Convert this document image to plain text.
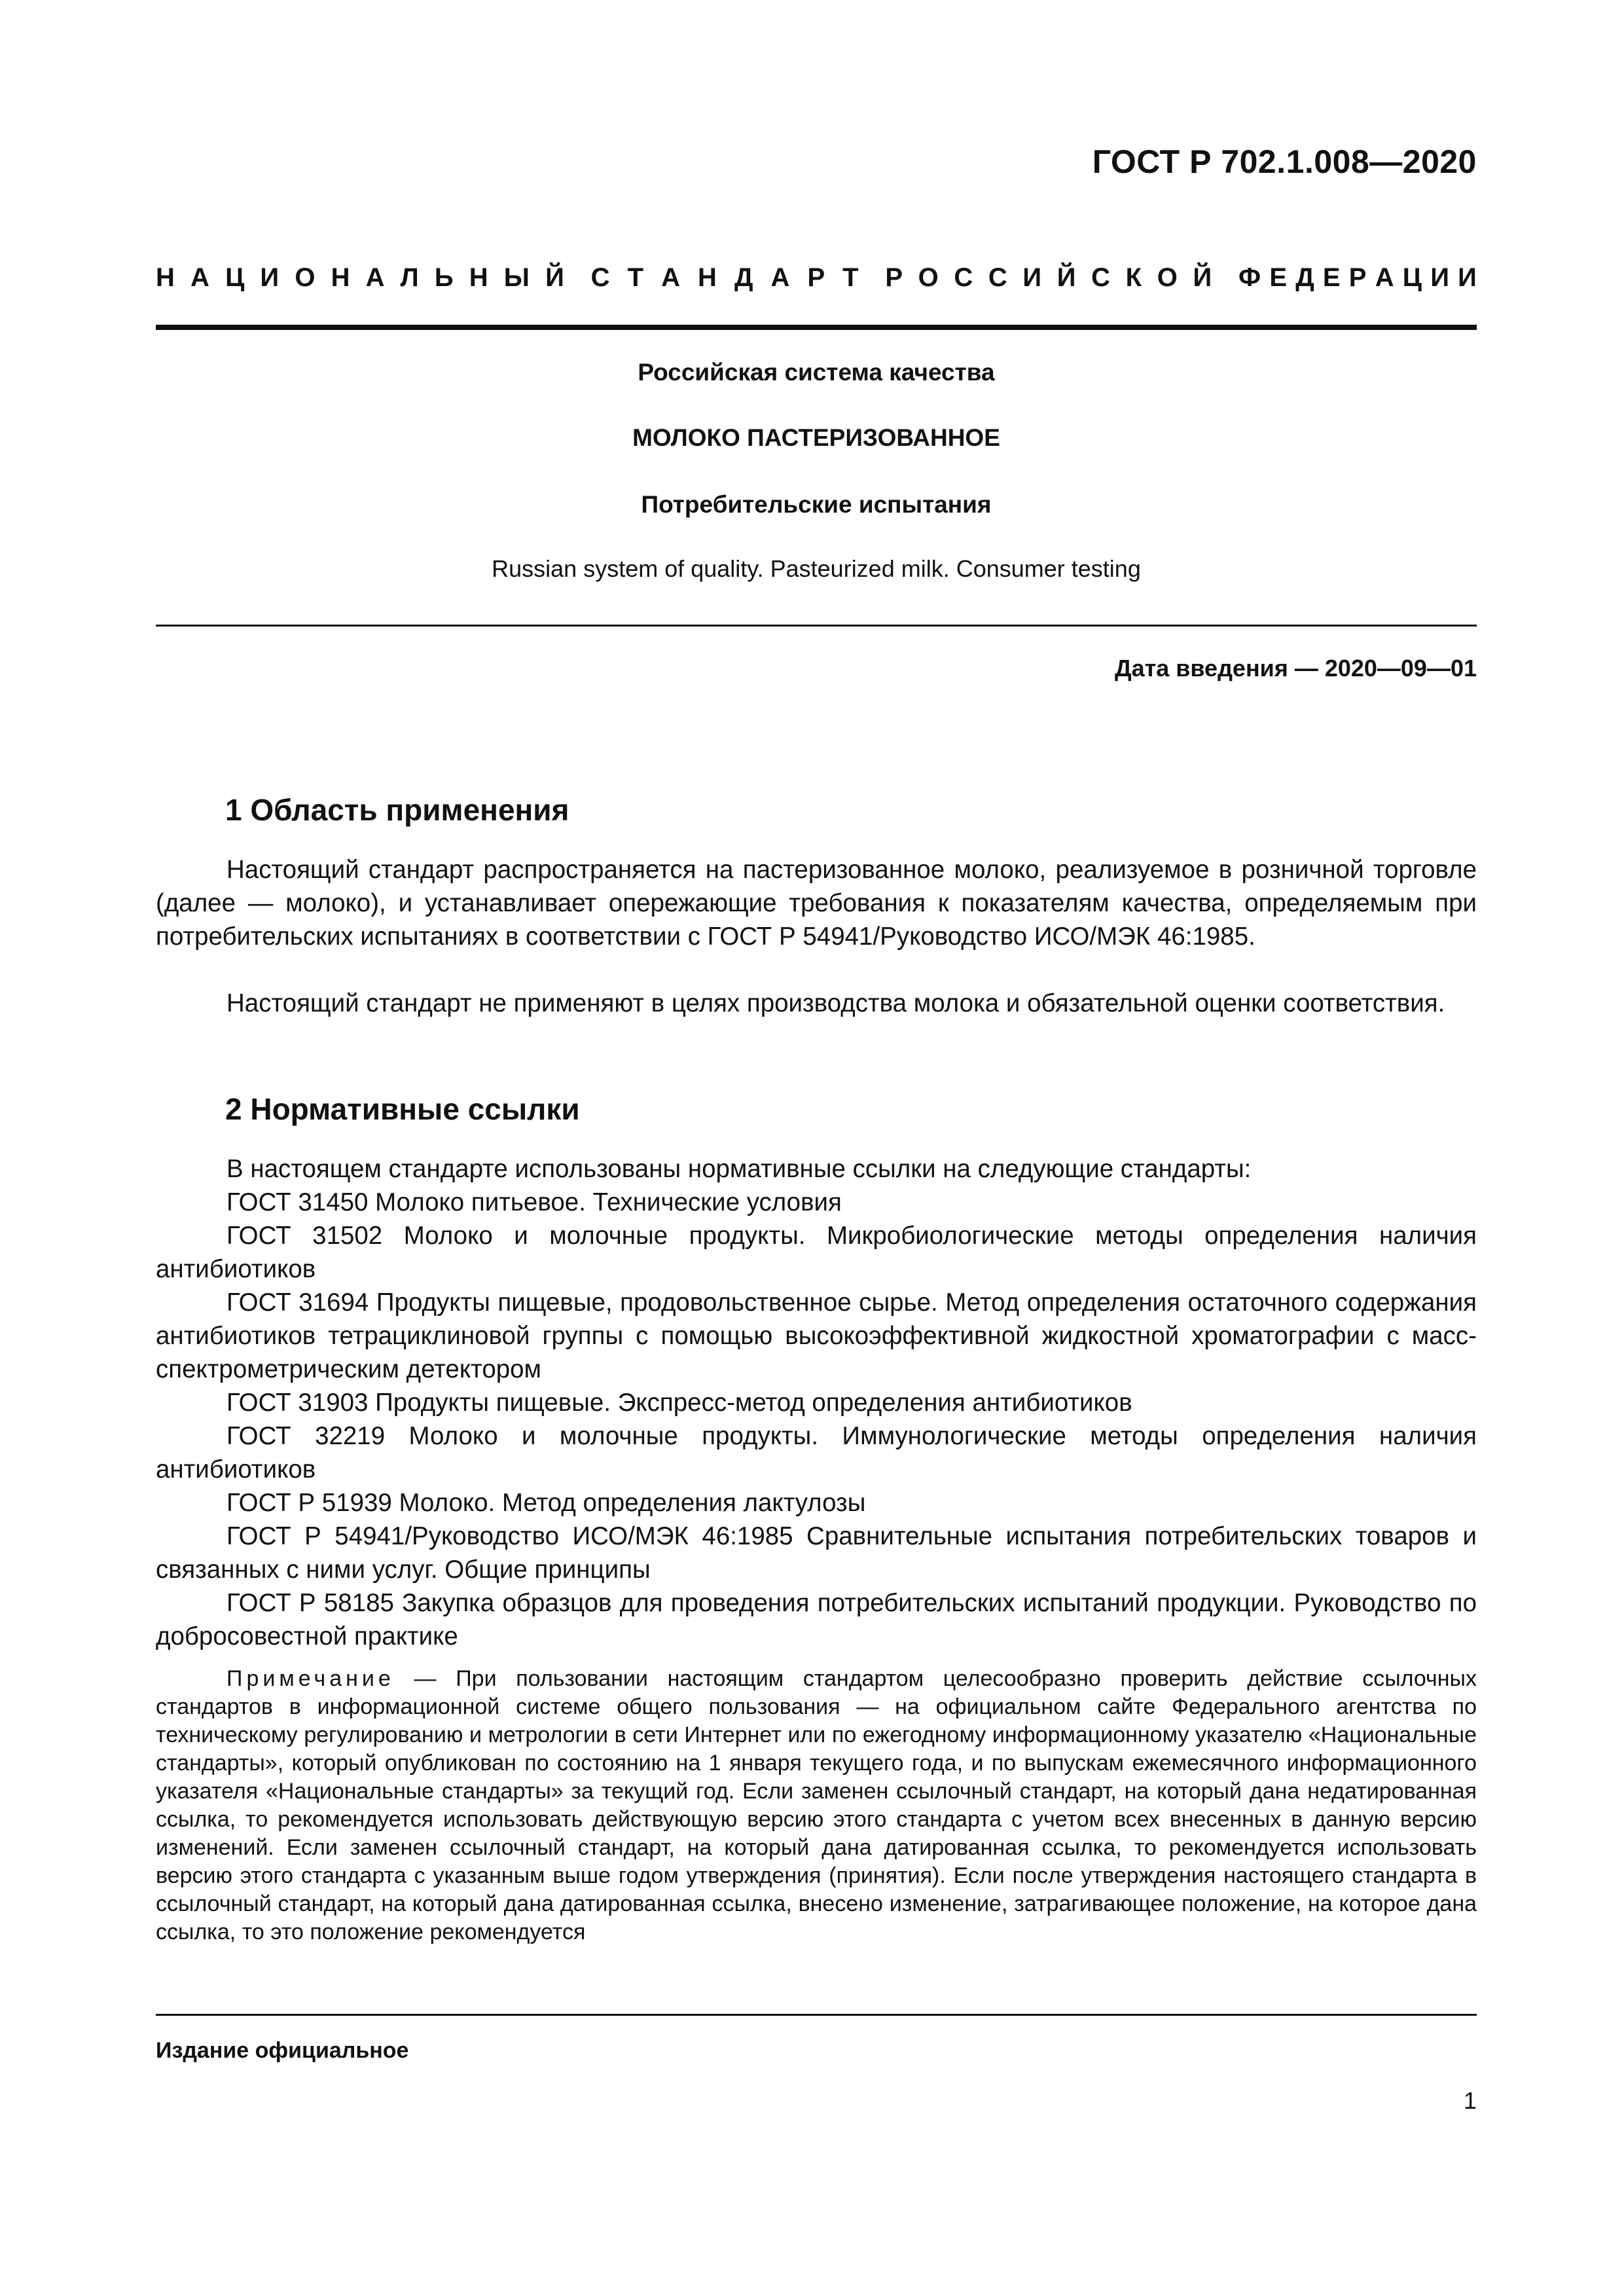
ГОСТ Р 702.1.008—2020
Н А Ц И О Н А Л Ь Н Ы Й С Т А Н Д А Р Т Р О С С И Й С К О Й Ф Е Д Е Р А Ц И И
Российская система качества
МОЛОКО ПАСТЕРИЗОВАННОЕ
Потребительские испытания
Russian system of quality. Pasteurized milk. Consumer testing
Дата введения — 2020—09—01
1 Область применения

Настоящий стандарт распространяется на пастеризованное молоко, реализуемое в розничной торговле (далее — молоко), и устанавливает опережающие требования к показателям качества, определяемым при потребительских испытаниях в соответствии с ГОСТ Р 54941/Руководство ИСО/МЭК 46:1985.

Настоящий стандарт не применяют в целях производства молока и обязательной оценки соответствия.

2 Нормативные ссылки

В настоящем стандарте использованы нормативные ссылки на следующие стандарты:

ГОСТ 31450 Молоко питьевое. Технические условия

ГОСТ 31502 Молоко и молочные продукты. Микробиологические методы определения наличия антибиотиков

ГОСТ 31694 Продукты пищевые, продовольственное сырье. Метод определения остаточного содержания антибиотиков тетрациклиновой группы с помощью высокоэффективной жидкостной хроматографии с масс-спектрометрическим детектором

ГОСТ 31903 Продукты пищевые. Экспресс-метод определения антибиотиков

ГОСТ 32219 Молоко и молочные продукты. Иммунологические методы определения наличия антибиотиков

ГОСТ Р 51939 Молоко. Метод определения лактулозы

ГОСТ Р 54941/Руководство ИСО/МЭК 46:1985 Сравнительные испытания потребительских товаров и связанных с ними услуг. Общие принципы

ГОСТ Р 58185 Закупка образцов для проведения потребительских испытаний продукции. Руководство по добросовестной практике

Примечание — При пользовании настоящим стандартом целесообразно проверить действие ссылочных стандартов в информационной системе общего пользования — на официальном сайте Федерального агентства по техническому регулированию и метрологии в сети Интернет или по ежегодному информационному указателю «Национальные стандарты», который опубликован по состоянию на 1 января текущего года, и по выпускам ежемесячного информационного указателя «Национальные стандарты» за текущий год. Если заменен ссылочный стандарт, на который дана недатированная ссылка, то рекомендуется использовать действующую версию этого стандарта с учетом всех внесенных в данную версию изменений. Если заменен ссылочный стандарт, на который дана датированная ссылка, то рекомендуется использовать версию этого стандарта с указанным выше годом утверждения (принятия). Если после утверждения настоящего стандарта в ссылочный стандарт, на который дана датированная ссылка, внесено изменение, затрагивающее положение, на которое дана ссылка, то это положение рекомендуется

Издание официальное
1
